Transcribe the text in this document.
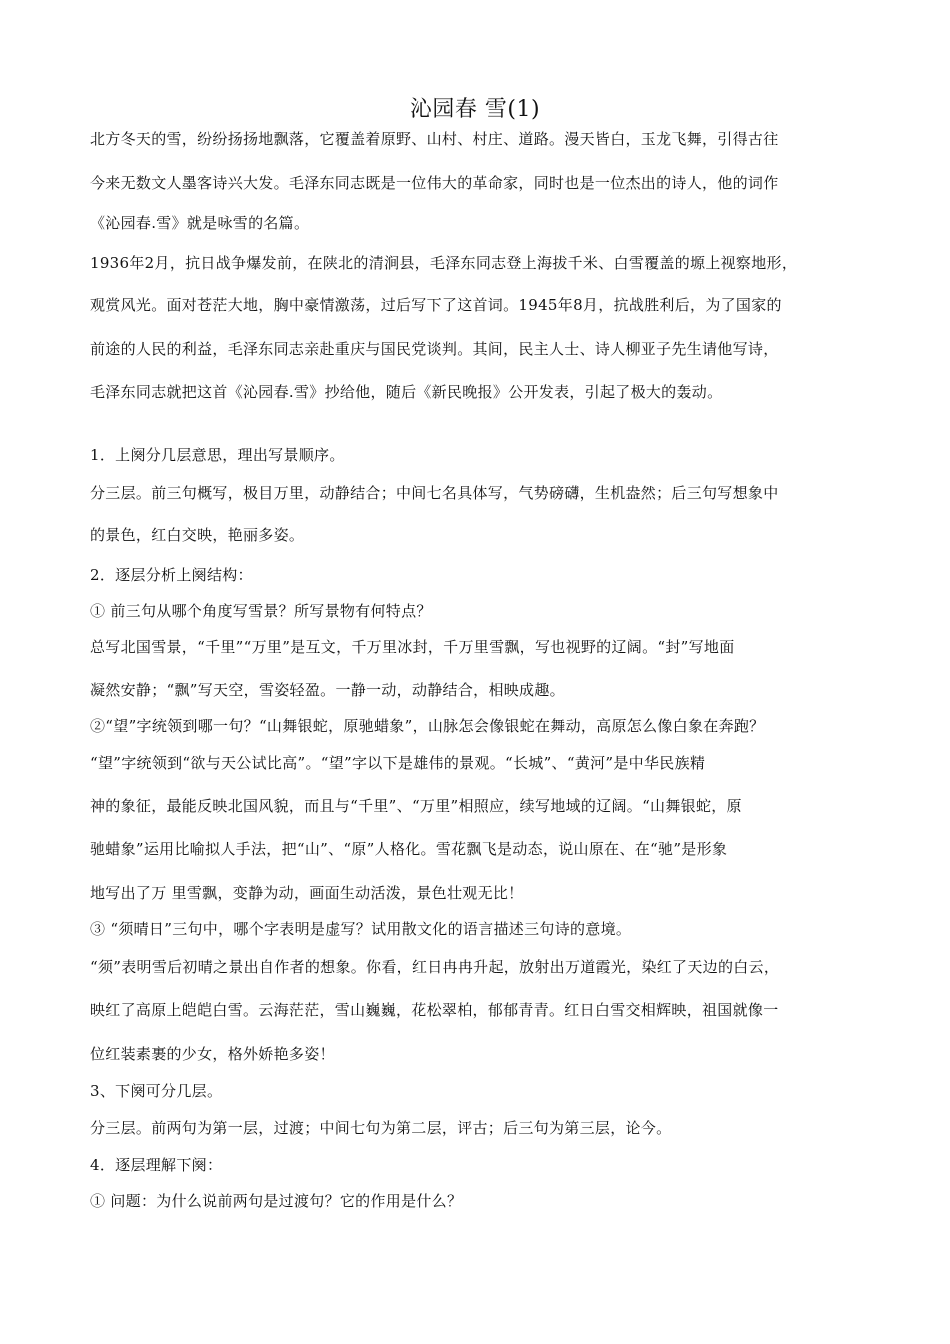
沁园春 雪(1)
北方冬天的雪，纷纷扬扬地飘落，它覆盖着原野、山村、村庄、道路。漫天皆白，玉龙飞舞，引得古往
今来无数文人墨客诗兴大发。毛泽东同志既是一位伟大的革命家，同时也是一位杰出的诗人，他的词作
《沁园春.雪》就是咏雪的名篇。
1936年2月，抗日战争爆发前，在陕北的清涧县，毛泽东同志登上海拔千米、白雪覆盖的塬上视察地形，
观赏风光。面对苍茫大地，胸中豪情激荡，过后写下了这首词。1945年8月，抗战胜利后，为了国家的
前途的人民的利益，毛泽东同志亲赴重庆与国民党谈判。其间，民主人士、诗人柳亚子先生请他写诗，
毛泽东同志就把这首《沁园春.雪》抄给他，随后《新民晚报》公开发表，引起了极大的轰动。
1．上阕分几层意思，理出写景顺序。
分三层。前三句概写，极目万里，动静结合；中间七名具体写，气势磅礴，生机盎然；后三句写想象中
的景色，红白交映，艳丽多姿。
2．逐层分析上阕结构：
① 前三句从哪个角度写雪景？所写景物有何特点？
总写北国雪景，“千里”“万里”是互文，千万里冰封，千万里雪飘，写也视野的辽阔。“封”写地面
凝然安静；“飘”写天空，雪姿轻盈。一静一动，动静结合，相映成趣。
②“望”字统领到哪一句？“山舞银蛇，原驰蜡象”，山脉怎会像银蛇在舞动，高原怎么像白象在奔跑？
“望”字统领到“欲与天公试比高”。“望”字以下是雄伟的景观。“长城”、“黄河”是中华民族精
神的象征，最能反映北国风貌，而且与“千里”、“万里”相照应，续写地域的辽阔。“山舞银蛇，原
驰蜡象”运用比喻拟人手法，把“山”、“原”人格化。雪花飘飞是动态，说山原在、在“驰”是形象
地写出了万 里雪飘，变静为动，画面生动活泼，景色壮观无比！
③ “须晴日”三句中，哪个字表明是虚写？试用散文化的语言描述三句诗的意境。
“须”表明雪后初晴之景出自作者的想象。你看，红日冉冉升起，放射出万道霞光，染红了天边的白云，
映红了高原上皑皑白雪。云海茫茫，雪山巍巍，花松翠柏，郁郁青青。红日白雪交相辉映，祖国就像一
位红装素裹的少女，格外娇艳多姿！
3、下阕可分几层。
分三层。前两句为第一层，过渡；中间七句为第二层，评古；后三句为第三层，论今。
4．逐层理解下阕：
① 问题：为什么说前两句是过渡句？它的作用是什么？
